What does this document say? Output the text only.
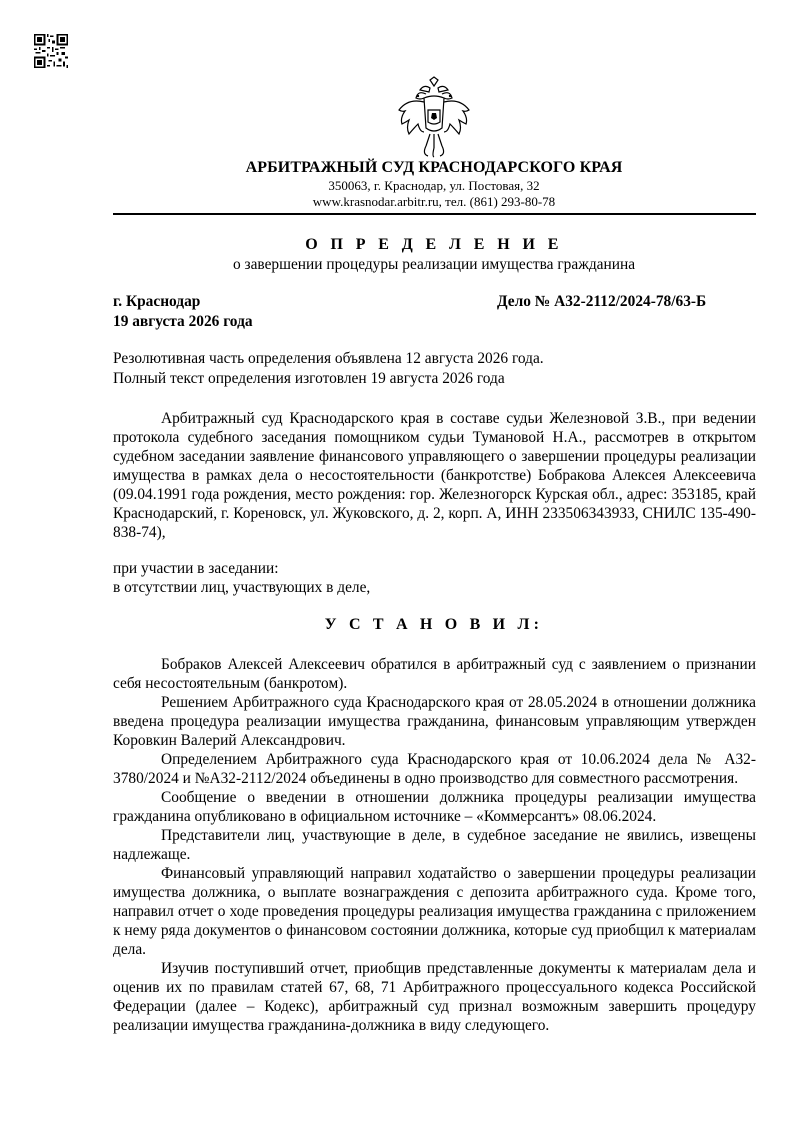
АРБИТРАЖНЫЙ СУД КРАСНОДАРСКОГО КРАЯ
350063, г. Краснодар, ул. Постовая, 32
www.krasnodar.arbitr.ru, тел. (861) 293-80-78
О П Р Е Д Е Л Е Н И Е
о завершении процедуры реализации имущества гражданина
г. Краснодар	Дело № А32-2112/2024-78/63-Б
19 августа 2026 года
Резолютивная часть определения объявлена 12 августа 2026 года.
Полный текст определения изготовлен 19 августа 2026 года
Арбитражный суд Краснодарского края в составе судьи Железновой З.В., при ведении протокола судебного заседания помощником судьи Тумановой Н.А., рассмотрев в открытом судебном заседании заявление финансового управляющего о завершении процедуры реализации имущества в рамках дела о несостоятельности (банкротстве) Бобракова Алексея Алексеевича (09.04.1991 года рождения, место рождения: гор. Железногорск Курская обл., адрес: 353185, край Краснодарский, г. Кореновск, ул. Жуковского, д. 2, корп. А, ИНН 233506343933, СНИЛС 135-490-838-74),
при участии в заседании:
в отсутствии лиц, участвующих в деле,
У С Т А Н О В И Л:
Бобраков Алексей Алексеевич обратился в арбитражный суд с заявлением о признании себя несостоятельным (банкротом).
Решением Арбитражного суда Краснодарского края от 28.05.2024 в отношении должника введена процедура реализации имущества гражданина, финансовым управляющим утвержден Коровкин Валерий Александрович.
Определением Арбитражного суда Краснодарского края от 10.06.2024 дела № А32-3780/2024 и №А32-2112/2024 объединены в одно производство для совместного рассмотрения.
Сообщение о введении в отношении должника процедуры реализации имущества гражданина опубликовано в официальном источнике – «Коммерсантъ» 08.06.2024.
Представители лиц, участвующие в деле, в судебное заседание не явились, извещены надлежаще.
Финансовый управляющий направил ходатайство о завершении процедуры реализации имущества должника, о выплате вознаграждения с депозита арбитражного суда. Кроме того, направил отчет о ходе проведения процедуры реализация имущества гражданина с приложением к нему ряда документов о финансовом состоянии должника, которые суд приобщил к материалам дела.
Изучив поступивший отчет, приобщив представленные документы к материалам дела и оценив их по правилам статей 67, 68, 71 Арбитражного процессуального кодекса Российской Федерации (далее – Кодекс), арбитражный суд признал возможным завершить процедуру реализации имущества гражданина-должника в виду следующего.
